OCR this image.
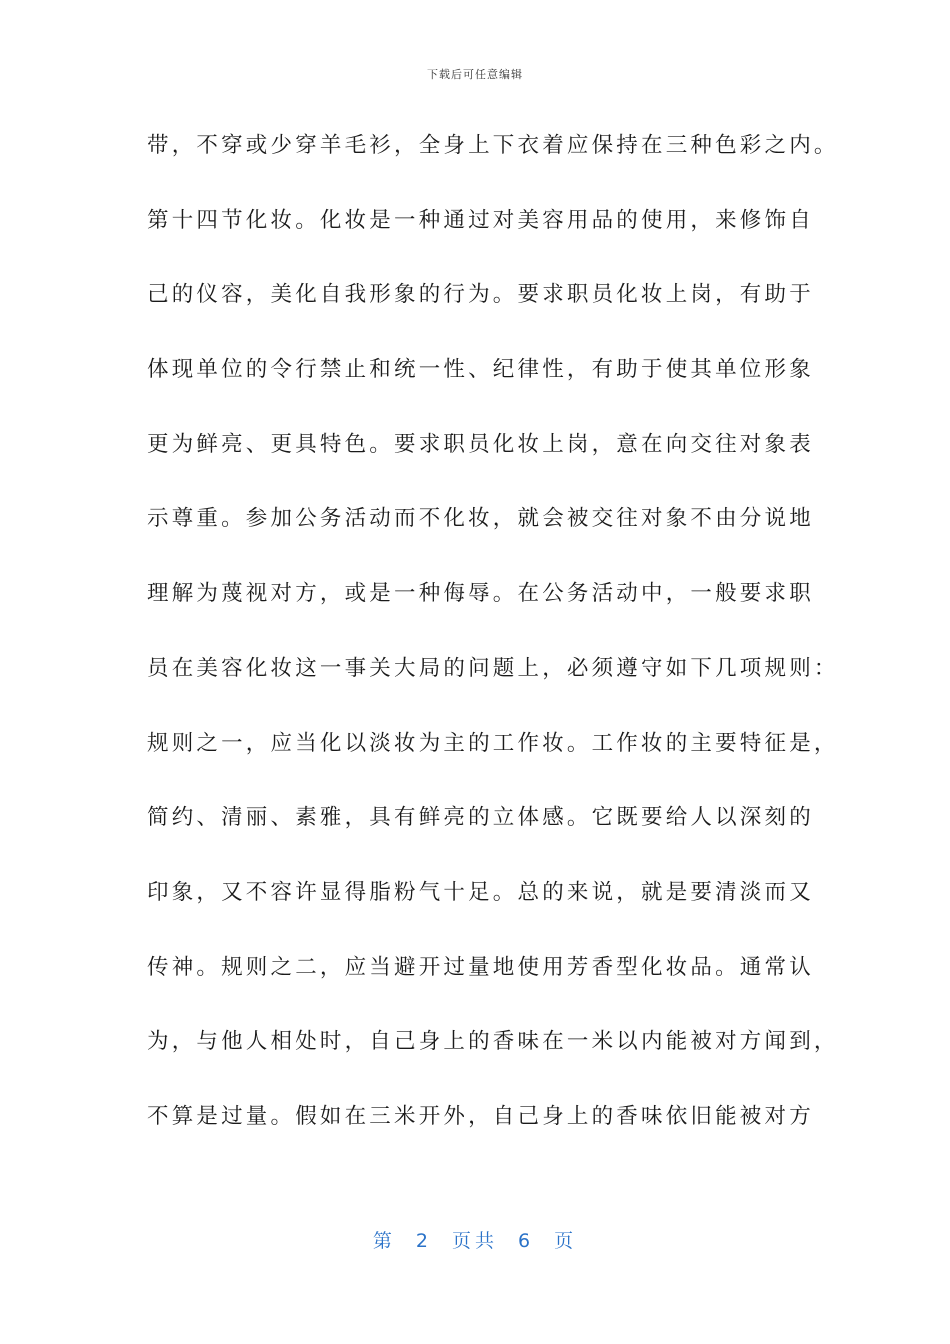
下载后可任意编辑
带，不穿或少穿羊毛衫，全身上下衣着应保持在三种色彩之内。
第十四节化妆。化妆是一种通过对美容用品的使用，来修饰自
己的仪容，美化自我形象的行为。要求职员化妆上岗，有助于
体现单位的令行禁止和统一性、纪律性，有助于使其单位形象
更为鲜亮、更具特色。要求职员化妆上岗，意在向交往对象表
示尊重。参加公务活动而不化妆，就会被交往对象不由分说地
理解为蔑视对方，或是一种侮辱。在公务活动中，一般要求职
员在美容化妆这一事关大局的问题上，必须遵守如下几项规则：
规则之一，应当化以淡妆为主的工作妆。工作妆的主要特征是，
简约、清丽、素雅，具有鲜亮的立体感。它既要给人以深刻的
印象，又不容许显得脂粉气十足。总的来说，就是要清淡而又
传神。规则之二，应当避开过量地使用芳香型化妆品。通常认
为，与他人相处时，自己身上的香味在一米以内能被对方闻到，
不算是过量。假如在三米开外，自己身上的香味依旧能被对方
第 2 页共 6 页
